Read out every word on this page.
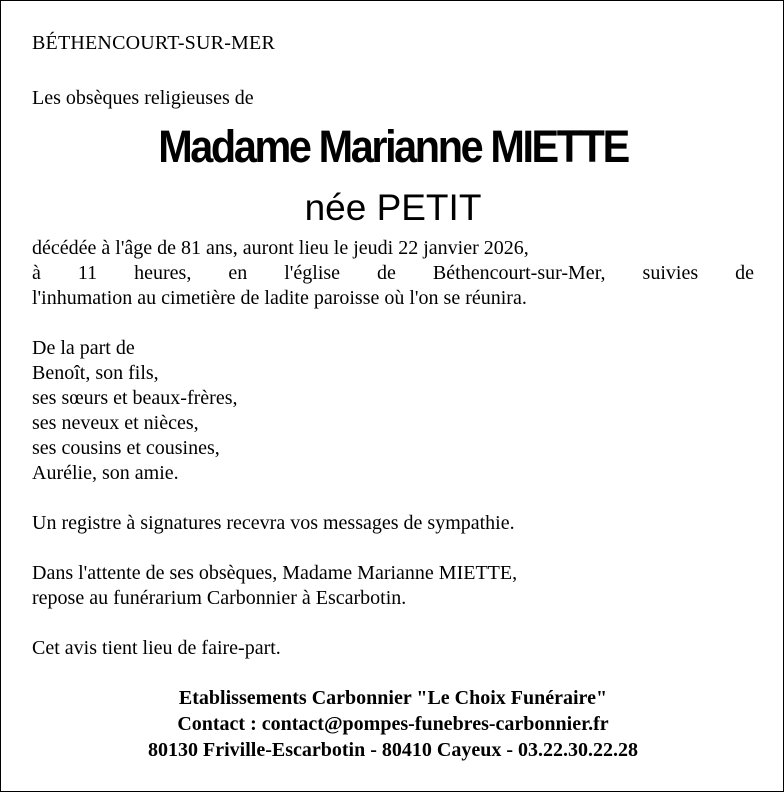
BÉTHENCOURT-SUR-MER
Les obsèques religieuses de
Madame Marianne MIETTE
née PETIT
décédée à l'âge de 81 ans, auront lieu le jeudi 22 janvier 2026,
à 11 heures, en l'église de Béthencourt-sur-Mer, suivies de
l'inhumation au cimetière de ladite paroisse où l'on se réunira.
De la part de
Benoît, son fils,
ses sœurs et beaux-frères,
ses neveux et nièces,
ses cousins et cousines,
Aurélie, son amie.
Un registre à signatures recevra vos messages de sympathie.
Dans l'attente de ses obsèques, Madame Marianne MIETTE,
repose au funérarium Carbonnier à Escarbotin.
Cet avis tient lieu de faire-part.
Etablissements Carbonnier "Le Choix Funéraire"
Contact : contact@pompes-funebres-carbonnier.fr
80130 Friville-Escarbotin - 80410 Cayeux - 03.22.30.22.28
